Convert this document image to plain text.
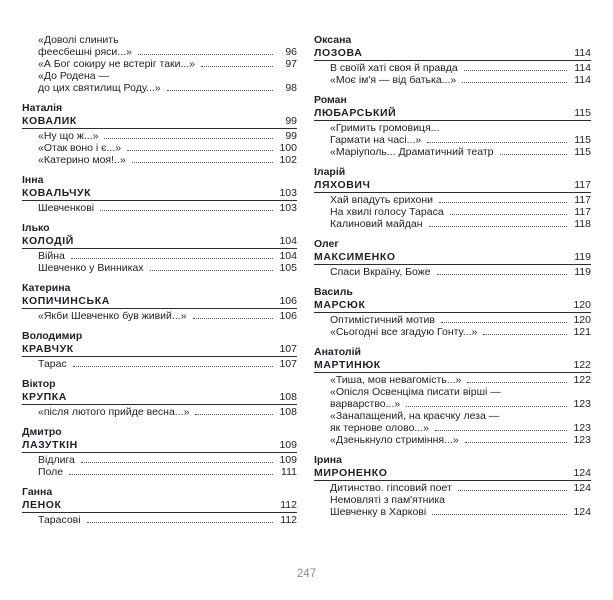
«Доволі слинить
феесбешні ряси...»	96
«А Бог сокиру не встеріг таки...»	97
«До Родена —
до цих святилищ Роду...»	98
Наталія
КОВАЛИК	99
«Ну що ж...»	99
«Отак воно і є...»	100
«Катерино моя!..»	102
Інна
КОВАЛЬЧУК	103
Шевченкові	103
Ілько
КОЛОДІЙ	104
Війна	104
Шевченко у Винниках	105
Катерина
КОПИЧИНСЬКА	106
«Якби Шевченко був живий...»	106
Володимир
КРАВЧУК	107
Тарас	107
Віктор
КРУПКА	108
«після лютого прийде весна...»	108
Дмитро
ЛАЗУТКІН	109
Відлига	109
Поле	111
Ганна
ЛЕНОК	112
Тарасові	112
Оксана
ЛОЗОВА	114
В своїй хаті своя й правда	114
«Моє ім'я — від батька...»	114
Роман
ЛЮБАРСЬКИЙ	115
«Гримить громовиця...
Гармати на часі...»	115
«Маріуполь... Драматичний театр	115
Іларій
ЛЯХОВИЧ	117
Хай впадуть єрихони	117
На хвилі голосу Тараса	117
Калиновий майдан	118
Олег
МАКСИМЕНКО	119
Спаси Вкраїну, Боже	119
Василь
МАРСЮК	120
Оптимістичний мотив	120
«Сьогодні все згадую Гонту...»	121
Анатолій
МАРТИНЮК	122
«Тиша, мов невагомість...»	122
«Опісля Освенціма писати вірші —
варварство...»	123
«Занапащений, на краєчку леза —
як тернове олово...»	123
«Дзенькнуло стриміння...»	123
Ірина
МИРОНЕНКО	124
Дитинство. гіпсовий поет	124
Немовляті з пам'ятника
Шевченку в Харкові	124
247
